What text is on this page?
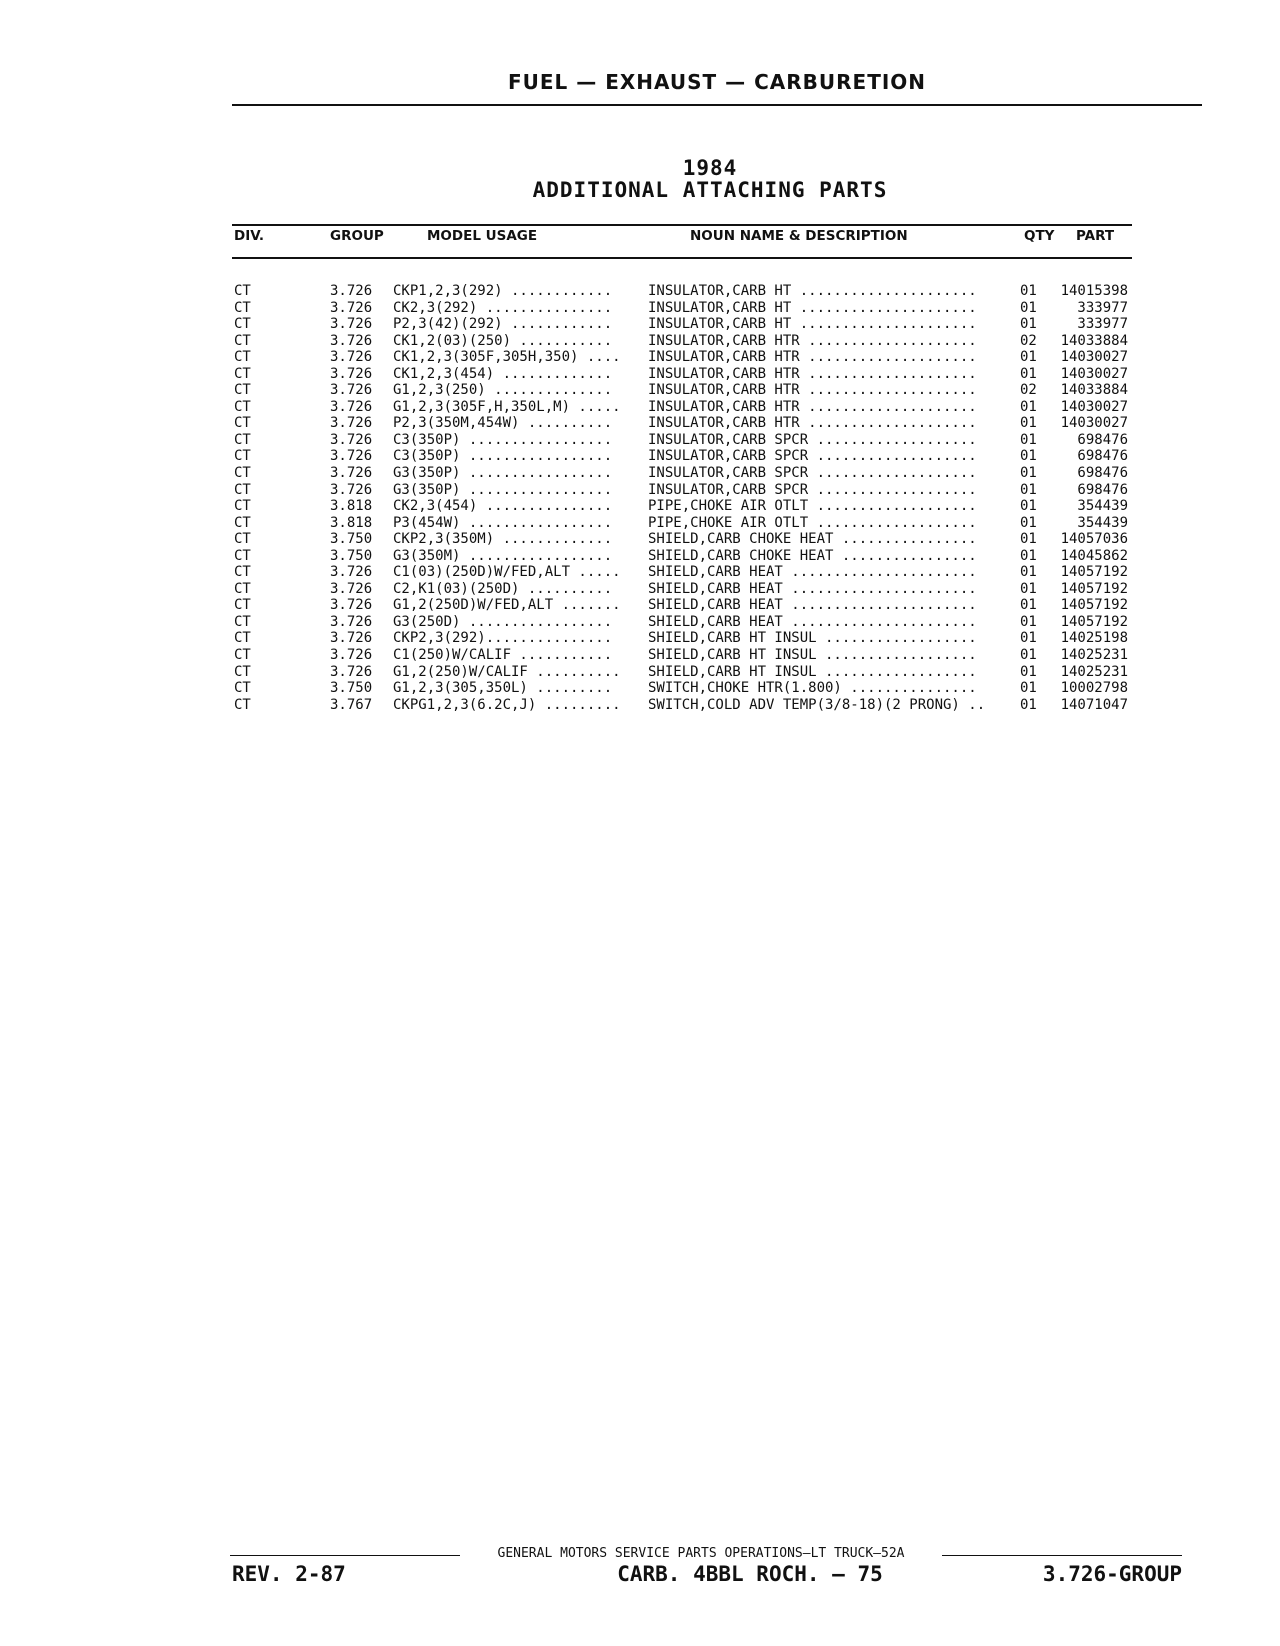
FUEL — EXHAUST — CARBURETION
1984
ADDITIONAL ATTACHING PARTS
DIV.	GROUP	MODEL USAGE	NOUN NAME & DESCRIPTION	QTY PART
CT	3.726 CKP1,2,3(292) ............	INSULATOR,CARB HT .....................	01	14015398
CT	3.726 CK2,3(292) ...............	INSULATOR,CARB HT .....................	01	333977
CT	3.726 P2,3(42)(292) ............	INSULATOR,CARB HT .....................	01	333977
CT	3.726 CK1,2(03)(250) ...........	INSULATOR,CARB HTR ....................	02	14033884
CT	3.726 CK1,2,3(305F,305H,350) ....	INSULATOR,CARB HTR ....................	01	14030027
CT	3.726 CK1,2,3(454) .............	INSULATOR,CARB HTR ....................	01	14030027
CT	3.726 G1,2,3(250) ..............	INSULATOR,CARB HTR ....................	02	14033884
CT	3.726 G1,2,3(305F,H,350L,M) .....	INSULATOR,CARB HTR ....................	01	14030027
CT	3.726 P2,3(350M,454W) ..........	INSULATOR,CARB HTR ....................	01	14030027
CT	3.726 C3(350P) .................	INSULATOR,CARB SPCR ...................	01	698476
CT	3.726 C3(350P) .................	INSULATOR,CARB SPCR ...................	01	698476
CT	3.726 G3(350P) .................	INSULATOR,CARB SPCR ...................	01	698476
CT	3.726 G3(350P) .................	INSULATOR,CARB SPCR ...................	01	698476
CT	3.818 CK2,3(454) ...............	PIPE,CHOKE AIR OTLT ...................	01	354439
CT	3.818 P3(454W) .................	PIPE,CHOKE AIR OTLT ...................	01	354439
CT	3.750 CKP2,3(350M) .............	SHIELD,CARB CHOKE HEAT ................	01	14057036
CT	3.750 G3(350M) .................	SHIELD,CARB CHOKE HEAT ................	01	14045862
CT	3.726 C1(03)(250D)W/FED,ALT .....	SHIELD,CARB HEAT ......................	01	14057192
CT	3.726 C2,K1(03)(250D) ..........	SHIELD,CARB HEAT ......................	01	14057192
CT	3.726 G1,2(250D)W/FED,ALT .......	SHIELD,CARB HEAT ......................	01	14057192
CT	3.726 G3(250D) .................	SHIELD,CARB HEAT ......................	01	14057192
CT	3.726 CKP2,3(292)...............	SHIELD,CARB HT INSUL ..................	01	14025198
CT	3.726 C1(250)W/CALIF ...........	SHIELD,CARB HT INSUL ..................	01	14025231
CT	3.726 G1,2(250)W/CALIF ..........	SHIELD,CARB HT INSUL ..................	01	14025231
CT	3.750 G1,2,3(305,350L) .........	SWITCH,CHOKE HTR(1.800) ...............	01	10002798
CT	3.767 CKPG1,2,3(6.2C,J) .........	SWITCH,COLD ADV TEMP(3/8-18)(2 PRONG) ..	01	14071047
GENERAL MOTORS SERVICE PARTS OPERATIONS—LT TRUCK—52A
REV. 2-87	CARB. 4BBL ROCH. — 75	3.726-GROUP
